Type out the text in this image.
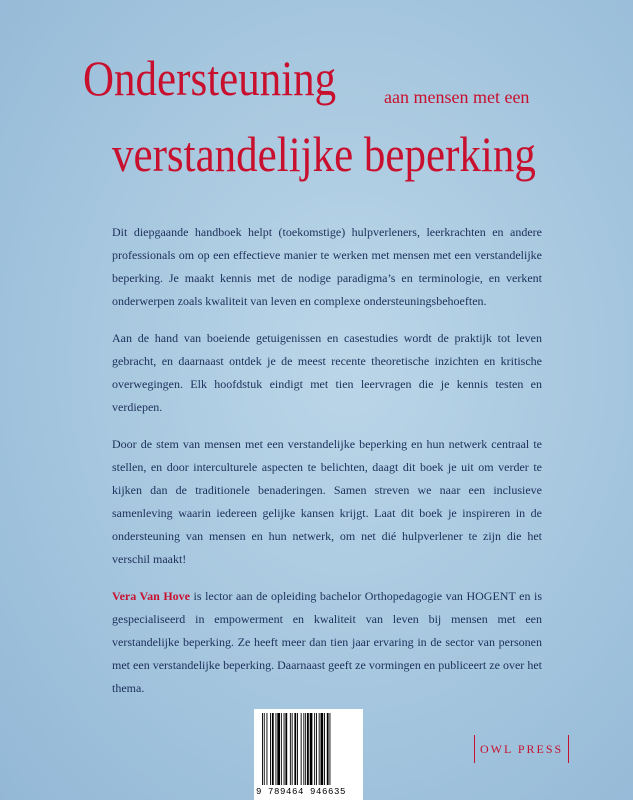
Ondersteuning	aan mensen met een
verstandelijke beperking

Dit diepgaande handboek helpt (toekomstige) hulpverleners, leerkrachten en andere professionals om op een effectieve manier te werken met mensen met een verstandelijke beperking. Je maakt kennis met de nodige paradigma’s en terminologie, en verkent onderwerpen zoals kwaliteit van leven en complexe ondersteuningsbehoeften.

Aan de hand van boeiende getuigenissen en casestudies wordt de praktijk tot leven gebracht, en daarnaast ontdek je de meest recente theoretische inzichten en kritische overwegingen. Elk hoofdstuk eindigt met tien leervragen die je kennis testen en verdiepen.

Door de stem van mensen met een verstandelijke beperking en hun netwerk centraal te stellen, en door interculturele aspecten te belichten, daagt dit boek je uit om verder te kijken dan de traditionele benaderingen. Samen streven we naar een inclusieve samenleving waarin iedereen gelijke kansen krijgt. Laat dit boek je inspireren in de ondersteuning van mensen en hun netwerk, om net dié hulpverlener te zijn die het verschil maakt!

Vera Van Hove is lector aan de opleiding bachelor Orthopedagogie van HOGENT en is gespecialiseerd in empowerment en kwaliteit van leven bij mensen met een verstandelijke beperking. Ze heeft meer dan tien jaar ervaring in de sector van personen met een verstandelijke beperking. Daarnaast geeft ze vormingen en publiceert ze over het thema.

9 789464 946635
OWL PRESS
